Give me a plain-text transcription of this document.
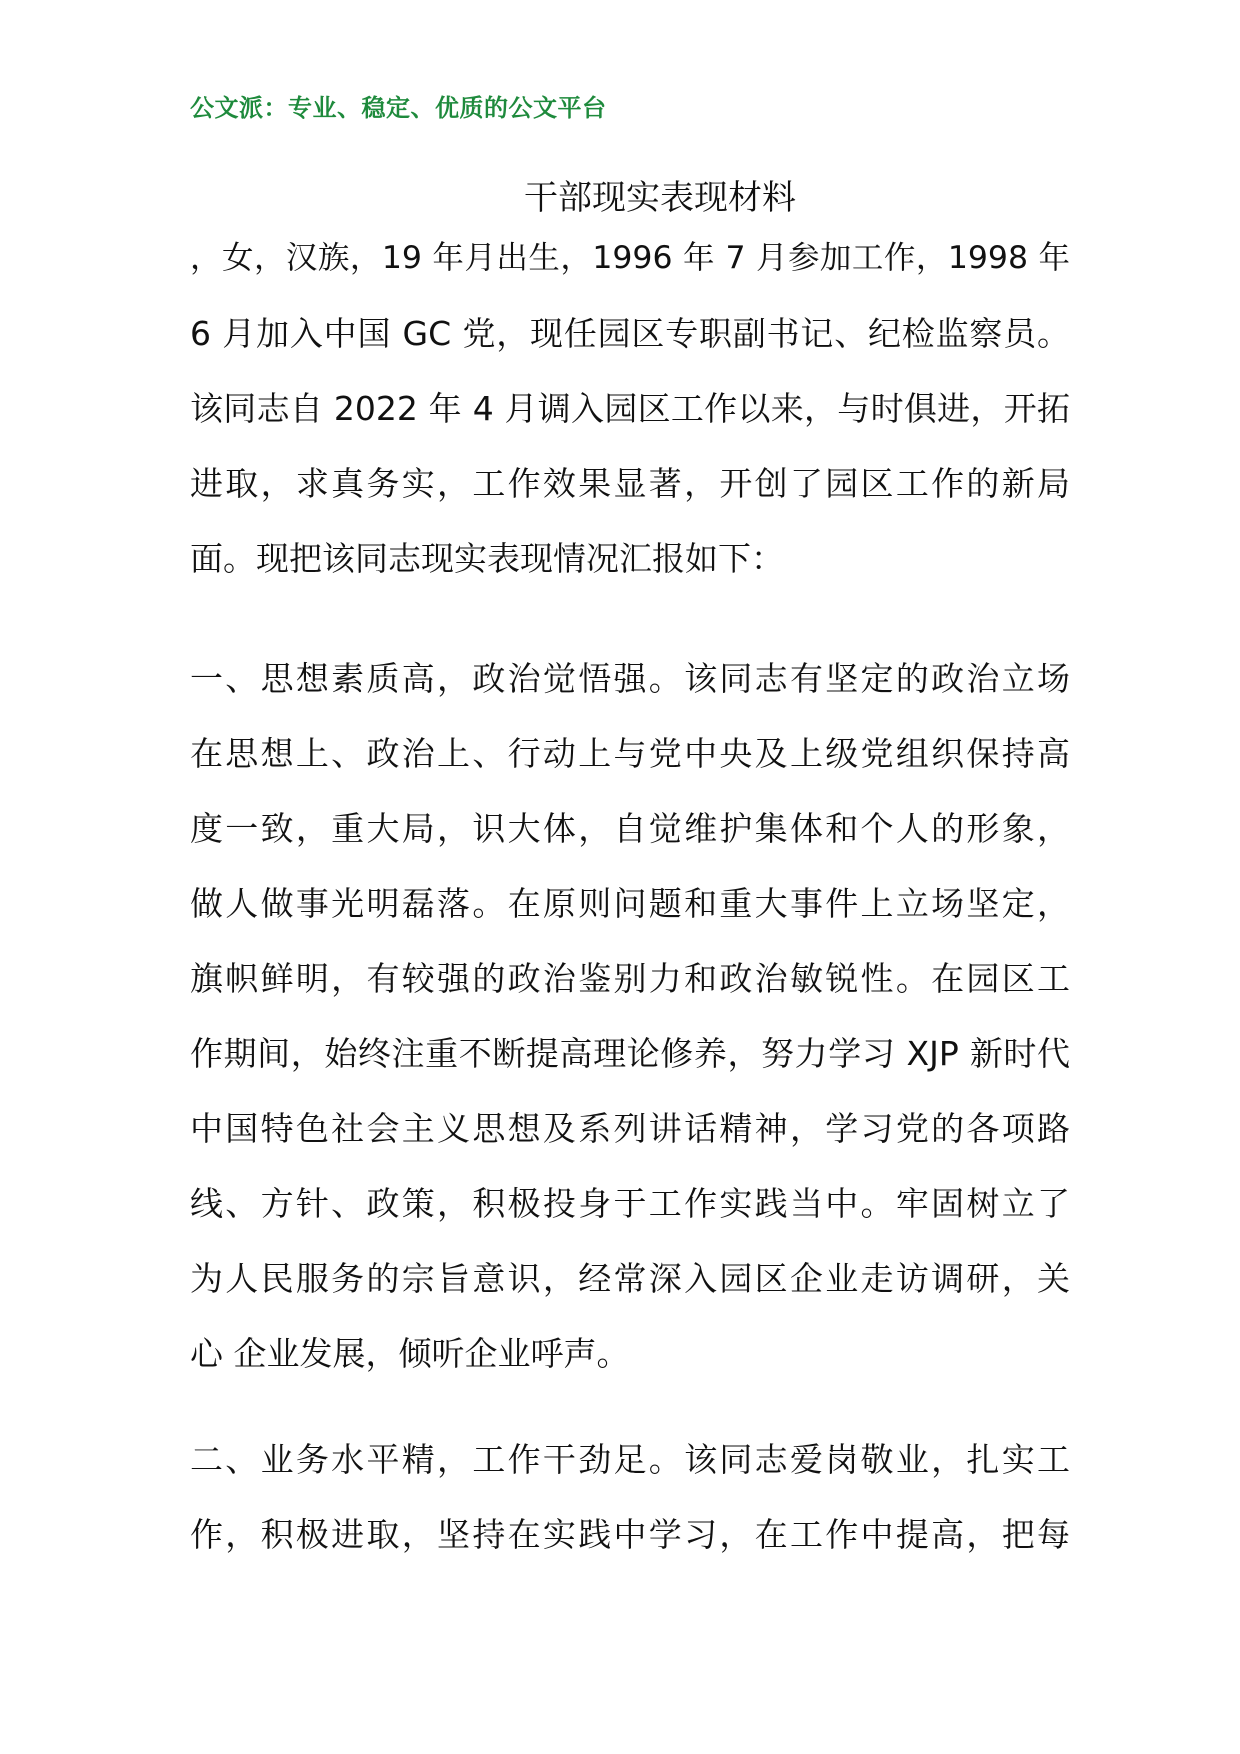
公文派：专业、稳定、优质的公文平台
干部现实表现材料
，女，汉族，19 年月出生，1996 年 7 月参加工作，1998 年
6 月加入中国 GC 党，现任园区专职副书记、纪检监察员。
该同志自 2022 年 4 月调入园区工作以来，与时俱进，开拓
进取，求真务实，工作效果显著，开创了园区工作的新局
面。现把该同志现实表现情况汇报如下：
一、思想素质高，政治觉悟强。该同志有坚定的政治立场
在思想上、政治上、行动上与党中央及上级党组织保持高
度一致，重大局，识大体，自觉维护集体和个人的形象，
做人做事光明磊落。在原则问题和重大事件上立场坚定，
旗帜鲜明，有较强的政治鉴别力和政治敏锐性。在园区工
作期间，始终注重不断提高理论修养，努力学习 XJP 新时代
中国特色社会主义思想及系列讲话精神，学习党的各项路
线、方针、政策，积极投身于工作实践当中。牢固树立了
为人民服务的宗旨意识，经常深入园区企业走访调研，关
心 企业发展，倾听企业呼声。
二、业务水平精，工作干劲足。该同志爱岗敬业，扎实工
作，积极进取，坚持在实践中学习，在工作中提高，把每
